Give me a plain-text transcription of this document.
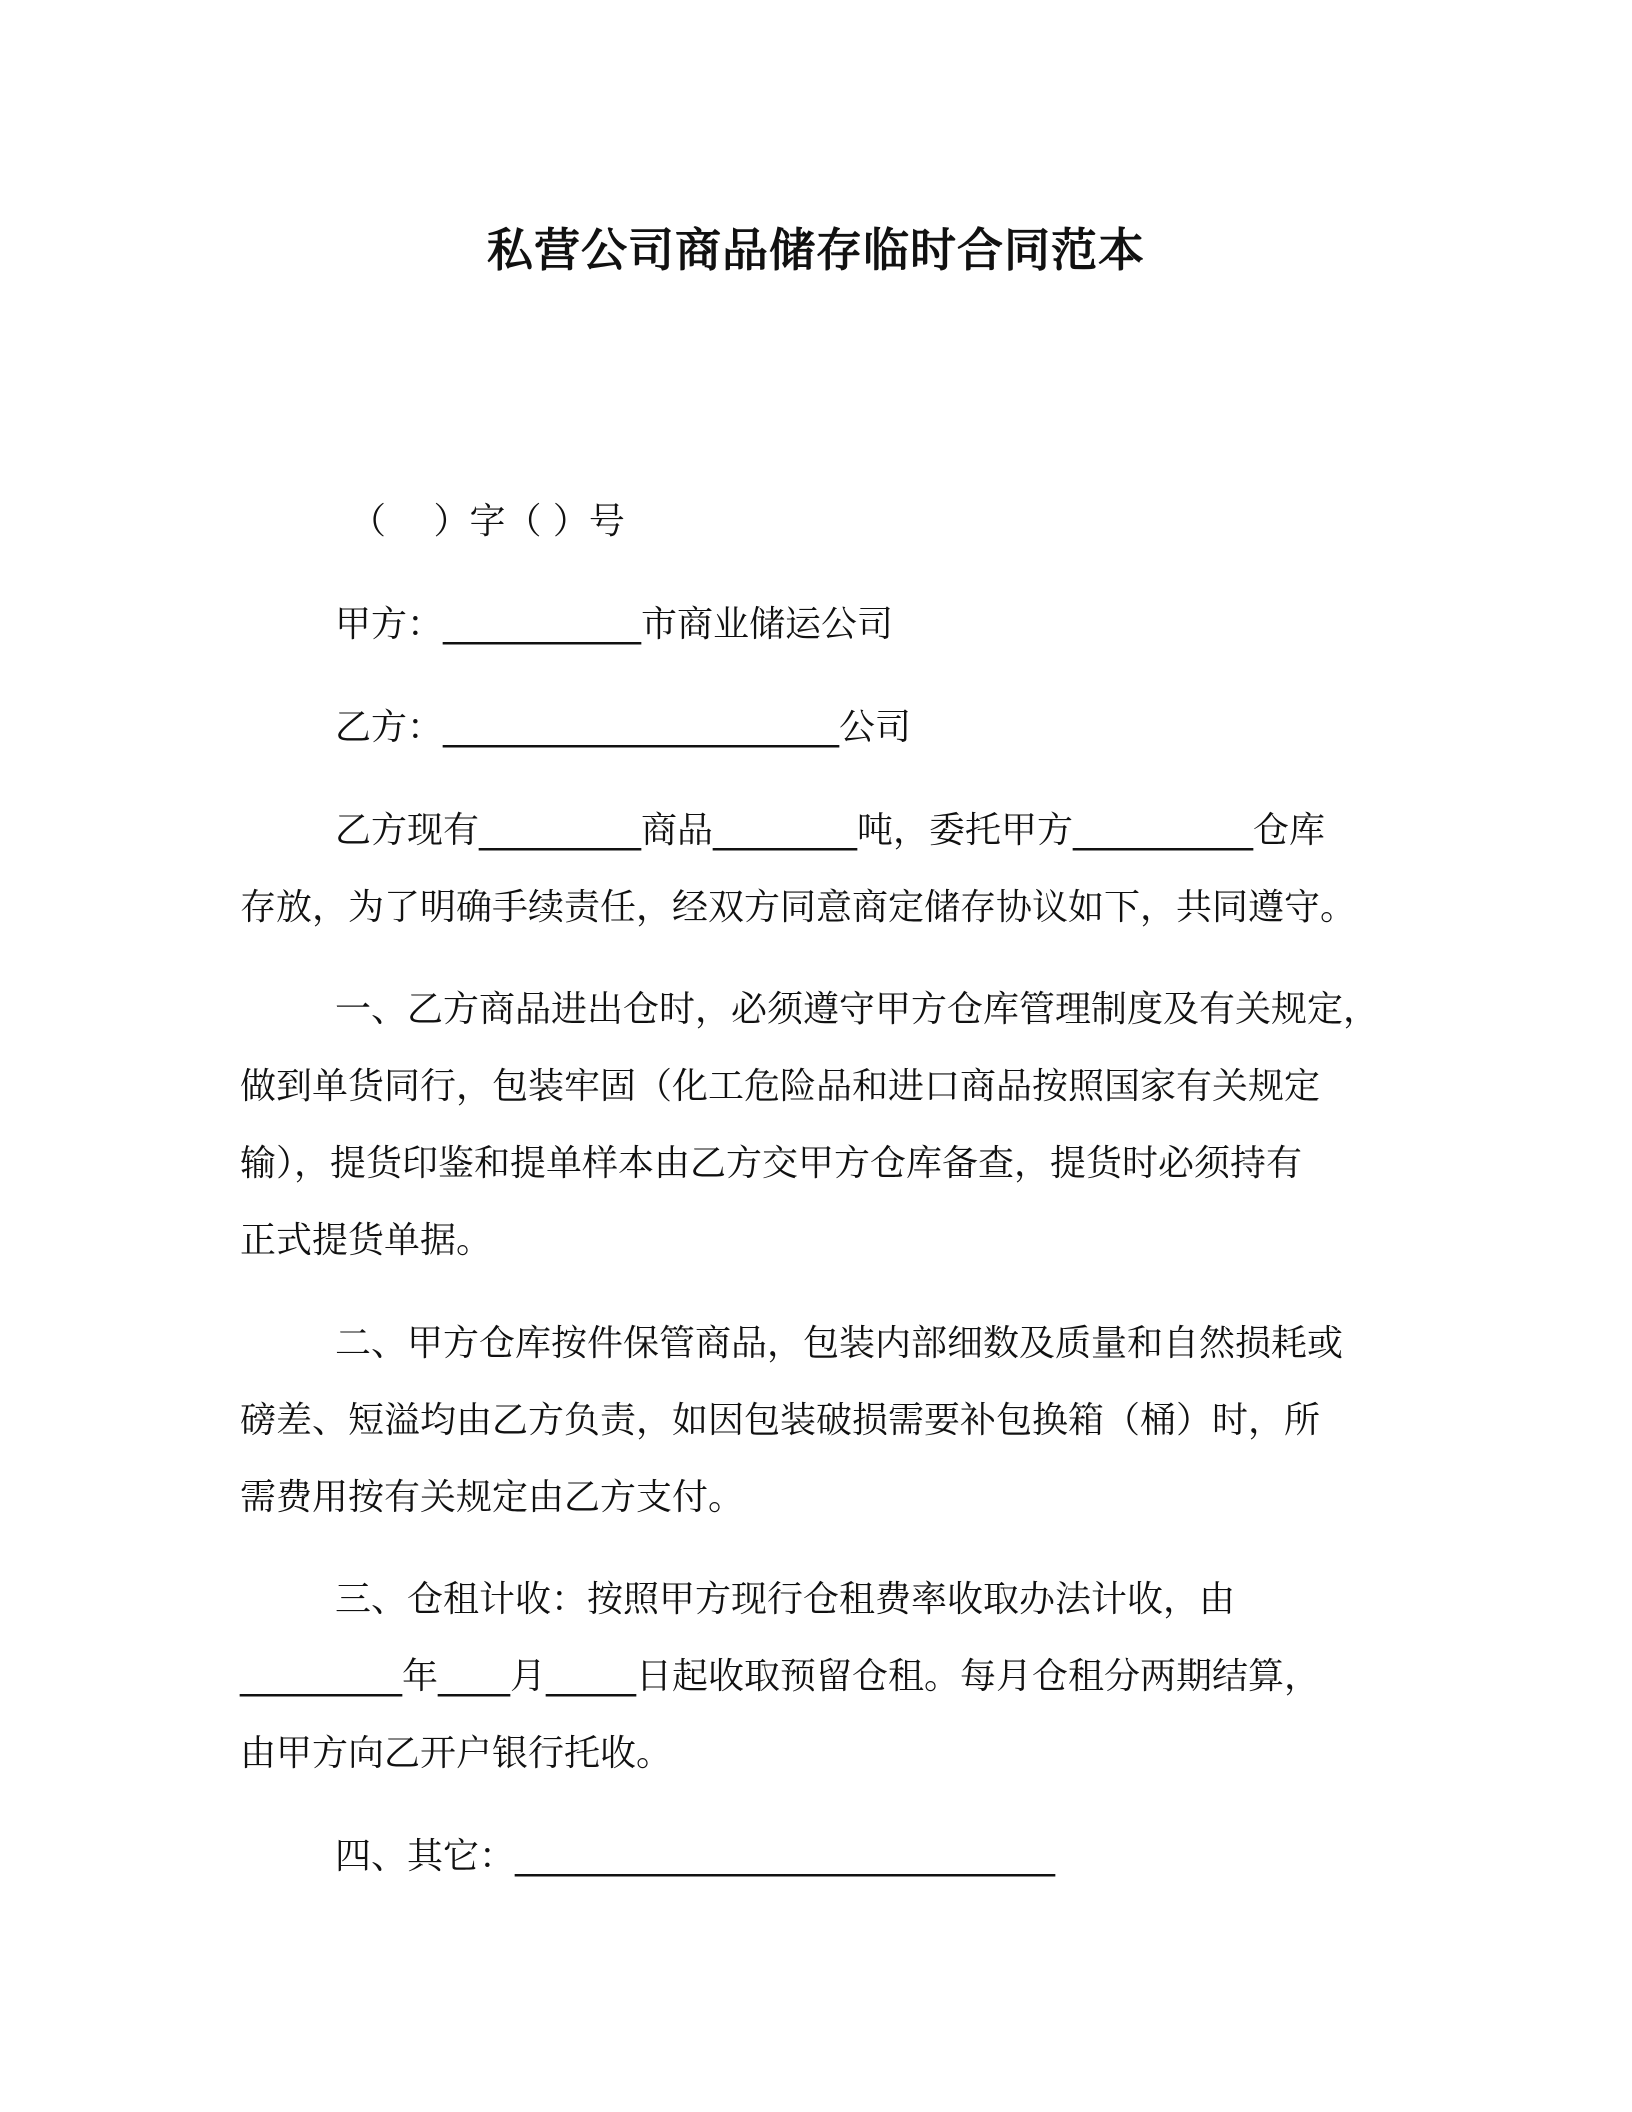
私营公司商品储存临时合同范本
（　 ）字（ ）号
甲方：___________市商业储运公司
乙方：______________________公司
乙方现有_________商品________吨，委托甲方__________仓库
存放，为了明确手续责任，经双方同意商定储存协议如下，共同遵守。
一、乙方商品进出仓时，必须遵守甲方仓库管理制度及有关规定，
做到单货同行，包装牢固（化工危险品和进口商品按照国家有关规定
输），提货印鉴和提单样本由乙方交甲方仓库备查，提货时必须持有
正式提货单据。
二、甲方仓库按件保管商品，包装内部细数及质量和自然损耗或
磅差、短溢均由乙方负责，如因包装破损需要补包换箱（桶）时，所
需费用按有关规定由乙方支付。
三、仓租计收：按照甲方现行仓租费率收取办法计收，由
_________年____月_____日起收取预留仓租。每月仓租分两期结算，
由甲方向乙开户银行托收。
四、其它：______________________________
